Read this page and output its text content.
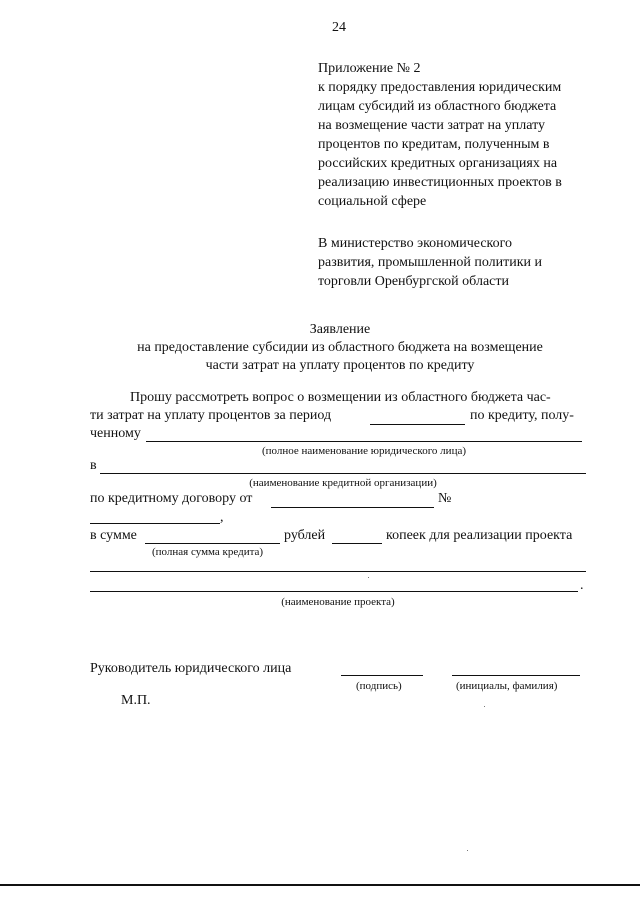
24
Приложение № 2
к порядку предоставления юридическим
лицам субсидий из областного бюджета
на возмещение части затрат на уплату
процентов по кредитам, полученным в
российских кредитных организациях на
реализацию инвестиционных проектов в
социальной сфере
В министерство экономического
развития, промышленной политики и
торговли Оренбургской области
Заявление
на предоставление субсидии из областного бюджета на возмещение
части затрат на уплату процентов по кредиту
Прошу рассмотреть вопрос о возмещении из областного бюджета час-
ти затрат на уплату процентов за период	по кредиту, полу-
ченному
(полное наименование юридического лица)
в
(наименование кредитной организации)
по кредитному договору от	№
,
в сумме	рублей	копеек для реализации проекта
(полная сумма кредита)
.
(наименование проекта)
Руководитель юридического лица
(подпись)	(инициалы, фамилия)
М.П.
